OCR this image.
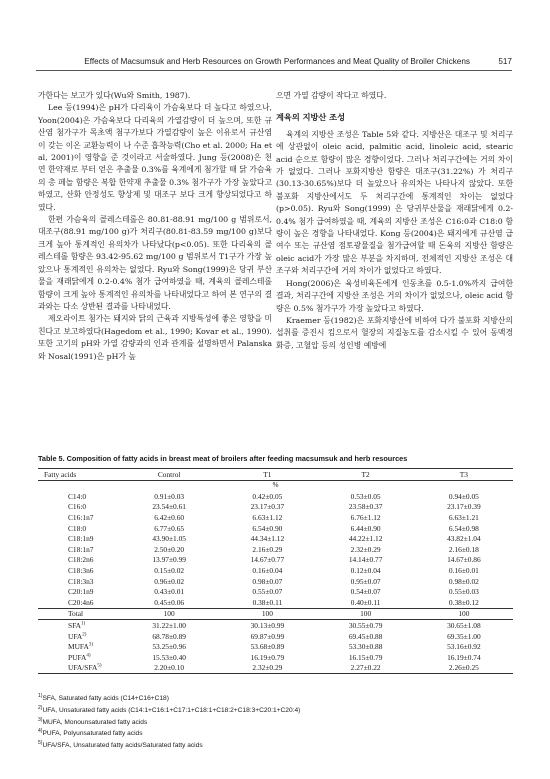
Effects of Macsumsuk and Herb Resources on Growth Performances and Meat Quality of Broiler Chickens	517

가한다는 보고가 있다(Wu와 Smith, 1987).

Lee 등(1994)은 pH가 다리육이 가슴육보다 더 높다고 하였으나, Yoon(2004)은 가슴육보다 다리육의 가열감량이 더 높으며, 또한 규산염 첨가구가 목초액 첨구가보다 가열감량이 높은 이유로서 규산염이 갖는 이온 교환능력이 나 수준 흡착능력(Cho et al. 2000; Ha et al, 2001)이 영향을 준 것이라고 서술하였다. Jung 등(2008)은 천연 한약재로 부터 얻은 추출물 0.3%를 육계에게 첨가할 때 닭 가슴육의 총 페놀 함량은 복합 한약재 추출물 0.3% 첨가구가 가장 높았다고 하였고, 산화 안정성도 향상제 및 대조구 보다 크게 향상되었다고 하였다.

한편 가슴육의 콜레스테롤은 80.81-88.91 mg/100 g 범위로서, 대조구(88.91 mg/100 g)가 처리구(80.81-83.59 mg/100 g)보다 크게 높아 통계적인 유의차가 나타났다(p<0.05). 또한 다리육의 콜레스테롤 함량은 93.42-95.62 mg/100 g 범위로서 T1구가 가장 높았으나 통계적인 유의차는 없었다. Ryu와 Song(1999)은 당귀 부산물을 재래닭에게 0.2-0.4% 첨가 급여하였을 때, 계육의 콜레스테롤 함량이 크게 높아 통계적인 유의차를 나타내었다고 하여 본 연구의 결과와는 다소 상반된 결과를 나타내었다.

제오라이트 첨가는 돼지와 닭의 근육과 지방특성에 좋은 영향을 미친다고 보고하였다(Hagedom et al., 1990; Kovar et al., 1990). 또한 고기의 pH와 가열 감량과의 인과 관계를 설명하면서 Palanska와 Nosal(1991)은 pH가 높

으면 가열 감량이 작다고 하였다.

계육의 지방산 조성

육계의 지방산 조성은 Table 5와 같다. 지방산은 대조구 및 처리구에 상관없이 oleic acid, palmitic acid, linoleic acid, stearic acid 순으로 함량이 많은 경향이었다. 그러나 처리구간에는 거의 차이가 없었다. 그러나 포화지방산 함량은 대조구(31.22%) 가 처리구(30.13-30.65%)보다 더 높았으나 유의차는 나타나지 않았다. 또한 불포화 지방산에서도 두 처리구간에 통계적인 차이는 없었다(p>0.05). Ryu와 Song(1999) 은 당귀부산물을 재래닭에게 0.2-0.4% 첨가 급여하였을 때, 계육의 지방산 조성은 C16:0과 C18:0 함량이 높은 경향을 나타내었다. Kong 등(2004)은 돼지에게 규산염 급여수 또는 규산염 점토광물질을 첨가급여할 때 돈육의 지방산 함량은 oleic acid가 가장 많은 부분을 차지하며, 전체적인 지방산 조성은 대조구와 처리구간에 거의 차이가 없었다고 하였다.

Hong(2006)은 육성비육돈에게 인동초를 0.5-1.0%까지 급여한 결과, 처리구간에 지방산 조성은 거의 차이가 없었으나, oleic acid 함량은 0.5% 첨가구가 가장 높았다고 하였다.

Kraemer 등(1982)은 포화지방산에 비하여 다가 불포화 지방산의 섭취를 증진시 킴으로서 혈장의 지질농도를 감소시킬 수 있어 동맥경화증, 고혈압 등의 성인병 예방에

Table 5. Composition of fatty acids in breast meat of broilers after feeding macsumsuk and herb resources
Fatty acids	Control	T1	T2	T3
%				
C14:0	0.91±0.03	0.42±0.05	0.53±0.05	0.94±0.05
C16:0	23.54±0.61	23.17±0.37	23.58±0.37	23.17±0.39
C16:1n7	6.42±0.60	6.63±1.12	6.76±1.12	6.63±1.21
C18:0	6.77±0.65	6.54±0.90	6.44±0.90	6.54±0.98
C18:1n9	43.90±1.05	44.34±1.12	44.22±1.12	43.82±1.04
C18:1n7	2.50±0.20	2.16±0.29	2.32±0.29	2.16±0.18
C18:2n6	13.97±0.99	14.67±0.77	14.14±0.77	14.67±0.86
C18:3n6	0.15±0.02	0.16±0.04	0.12±0.04	0.16±0.01
C18:3n3	0.96±0.02	0.98±0.07	0.95±0.07	0.98±0.02
C20:1n9	0.43±0.01	0.55±0.07	0.54±0.07	0.55±0.03
C20:4n6	0.45±0.06	0.38±0.11	0.40±0.11	0.38±0.12
Total	100	100	100	100
SFA$^{1)}$	31.22±1.00	30.13±0.99	30.55±0.79	30.65±1.08
UFA$^{2)}$	68.78±0.89	69.87±0.99	69.45±0.88	69.35±1.00
MUFA$^{3)}$	53.25±0.96	53.68±0.89	53.30±0.88	53.16±0.92
PUFA$^{4)}$	15.53±0.40	16.19±0.79	16.15±0.79	16.19±0.74
UFA/SFA$^{5)}$	2.20±0.10	2.32±0.29	2.27±0.22	2.26±0.25
$^{1)}$SFA, Saturated fatty acids (C14+C16+C18)
$^{2)}$UFA, Unsaturated fatty acids (C14:1+C16:1+C17:1+C18:1+C18:2+C18:3+C20:1+C20:4)
$^{3)}$MUFA, Monounsaturated fatty acids
$^{4)}$PUFA, Polyunsaturated fatty acids
$^{5)}$UFA/SFA, Unsaturated fatty acids/Saturated fatty acids
